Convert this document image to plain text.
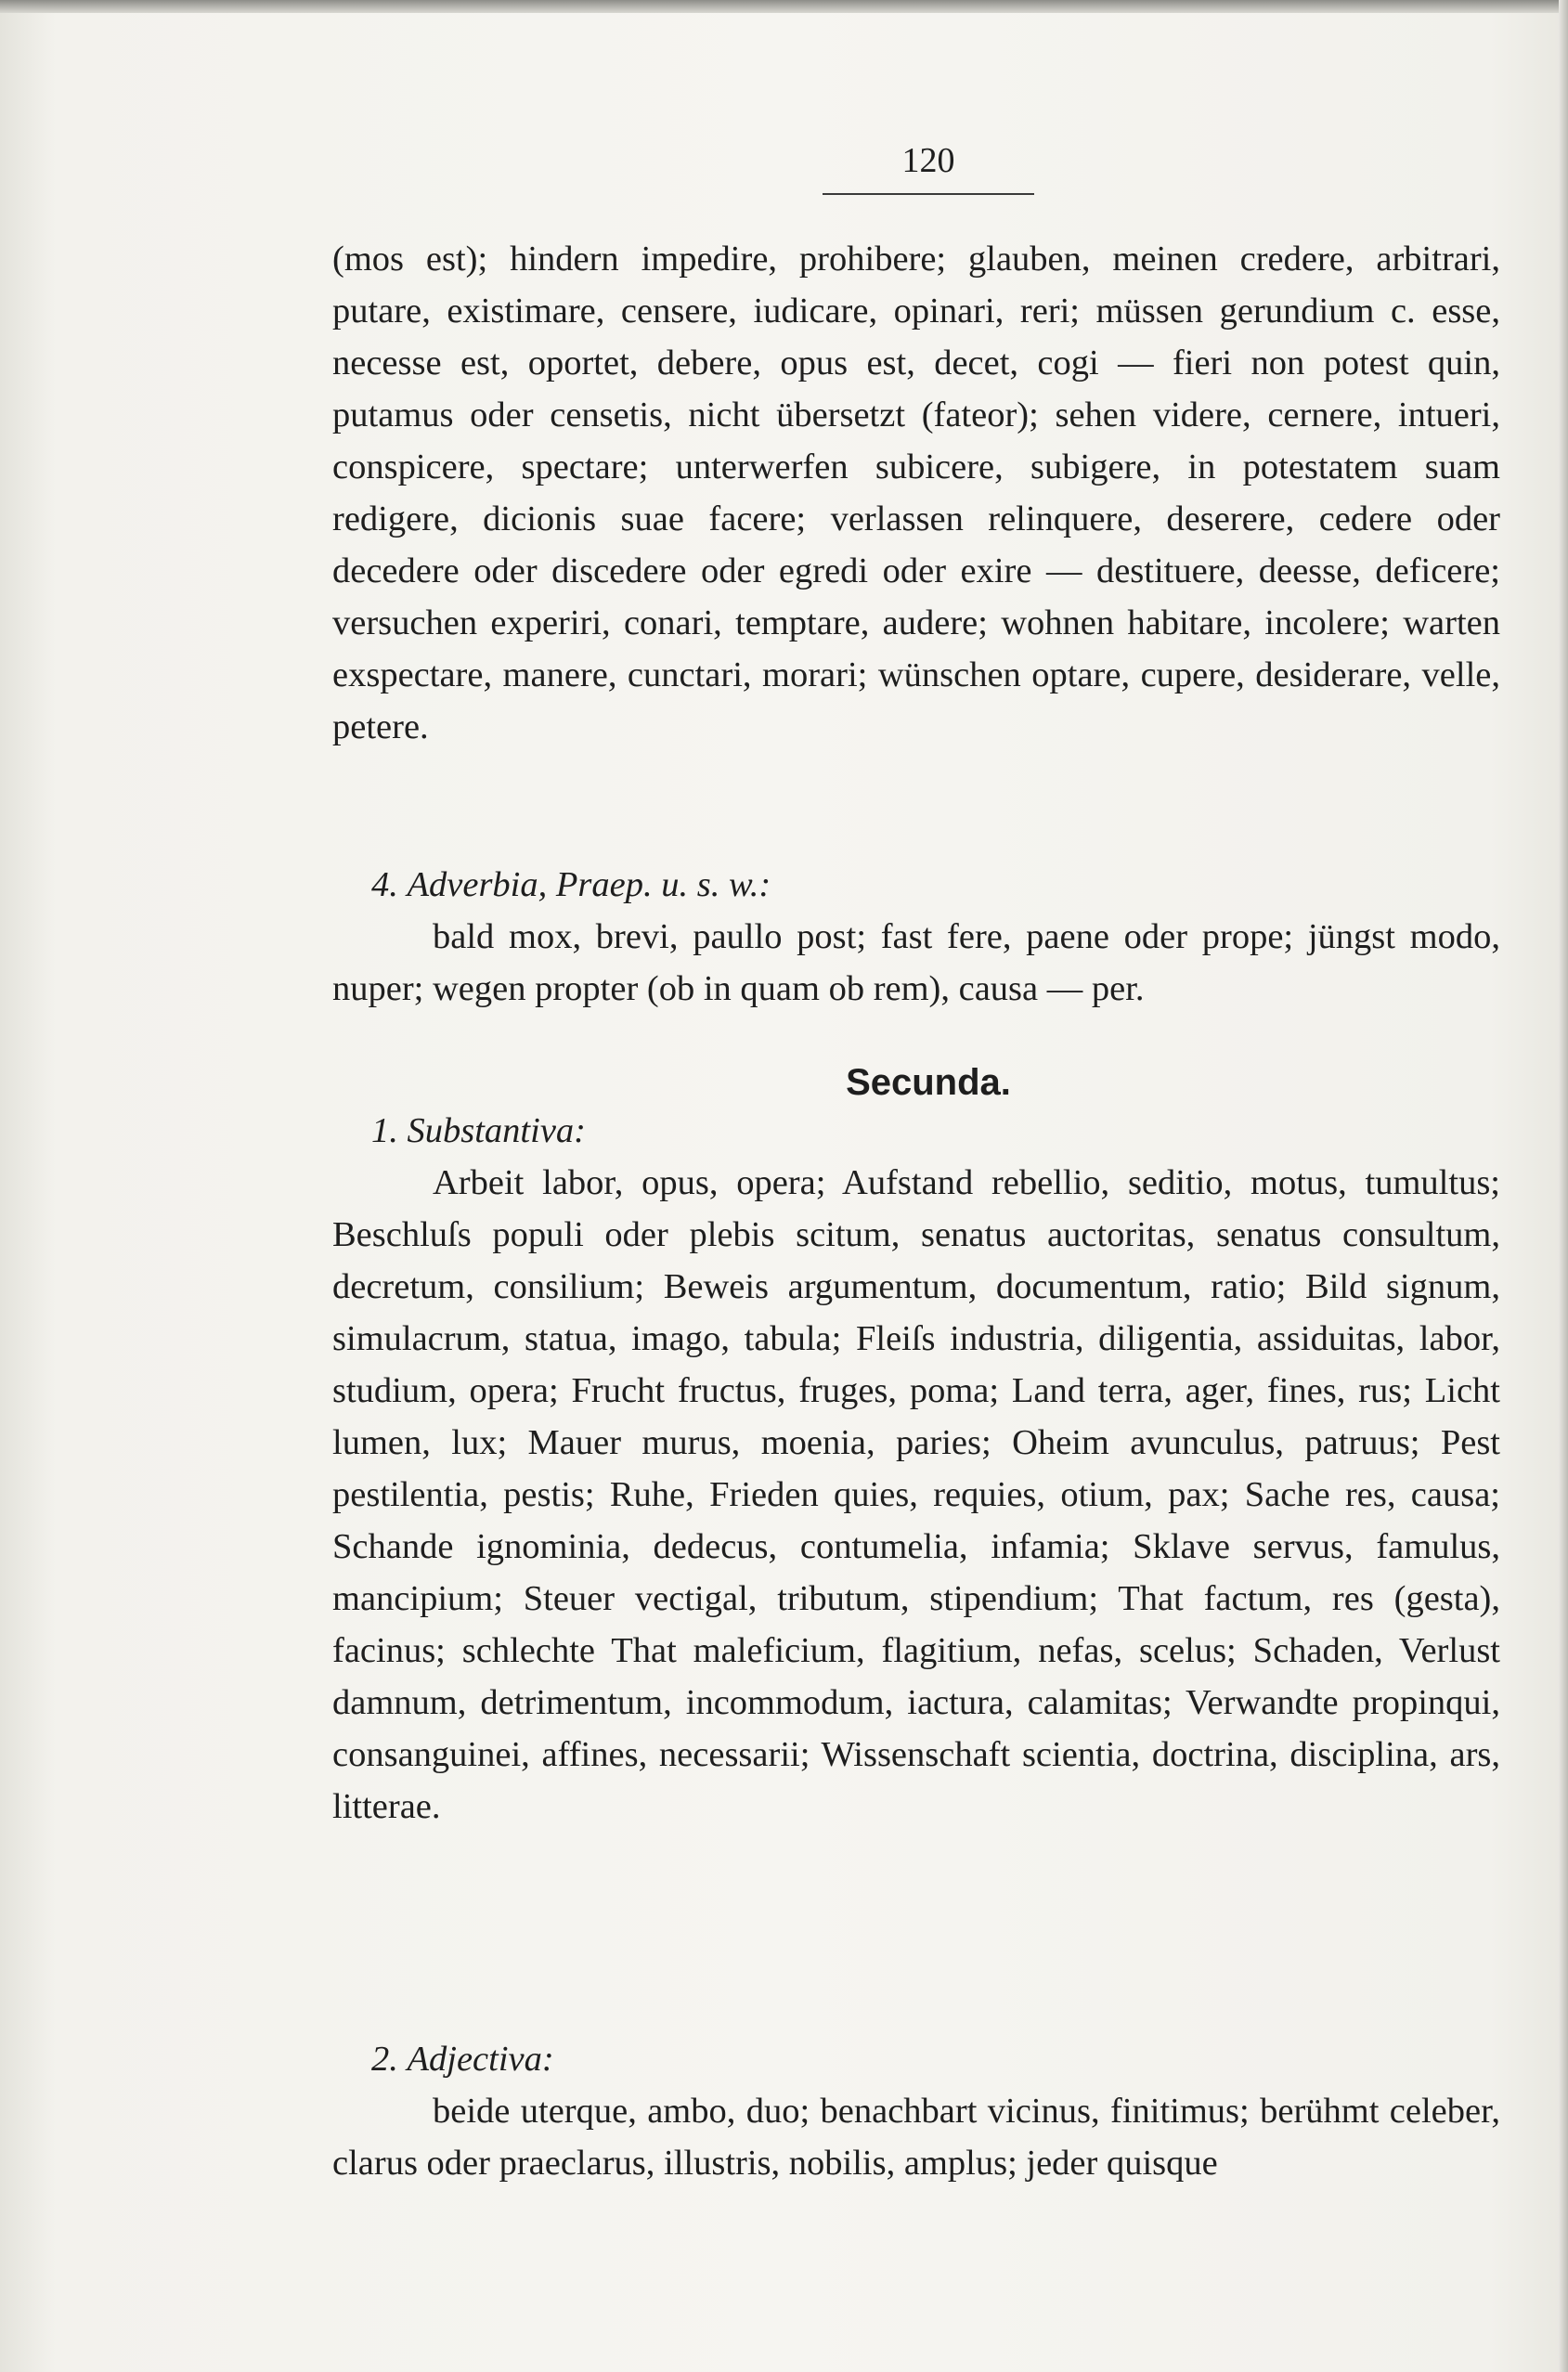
120

(mos est); hindern impedire, prohibere; glauben, meinen credere, arbitrari, putare, existimare, censere, iudicare, opinari, reri; müssen gerundium c. esse, necesse est, oportet, debere, opus est, decet, cogi — fieri non potest quin, putamus oder censetis, nicht übersetzt (fateor); sehen videre, cernere, intueri, conspicere, spectare; unterwerfen subicere, subigere, in potestatem suam redigere, dicionis suae facere; verlassen relinquere, deserere, cedere oder decedere oder discedere oder egredi oder exire — destituere, deesse, deficere; versuchen experiri, conari, temptare, audere; wohnen habitare, incolere; warten exspectare, manere, cunctari, morari; wünschen optare, cupere, desiderare, velle, petere.

4. Adverbia, Praep. u. s. w.:

bald mox, brevi, paullo post; fast fere, paene oder prope; jüngst modo, nuper; wegen propter (ob in quam ob rem), causa — per.

Secunda.

1. Substantiva:

Arbeit labor, opus, opera; Aufstand rebellio, seditio, motus, tumultus; Beschluſs populi oder plebis scitum, senatus auctoritas, senatus consultum, decretum, consilium; Beweis argumentum, documentum, ratio; Bild signum, simulacrum, statua, imago, tabula; Fleiſs industria, diligentia, assiduitas, labor, studium, opera; Frucht fructus, fruges, poma; Land terra, ager, fines, rus; Licht lumen, lux; Mauer murus, moenia, paries; Oheim avunculus, patruus; Pest pestilentia, pestis; Ruhe, Frieden quies, requies, otium, pax; Sache res, causa; Schande ignominia, dedecus, contumelia, infamia; Sklave servus, famulus, mancipium; Steuer vectigal, tributum, stipendium; That factum, res (gesta), facinus; schlechte That maleficium, flagitium, nefas, scelus; Schaden, Verlust damnum, detrimentum, incommodum, iactura, calamitas; Verwandte propinqui, consanguinei, affines, necessarii; Wissenschaft scientia, doctrina, disciplina, ars, litterae.

2. Adjectiva:

beide uterque, ambo, duo; benachbart vicinus, finitimus; berühmt celeber, clarus oder praeclarus, illustris, nobilis, amplus; jeder quisque
